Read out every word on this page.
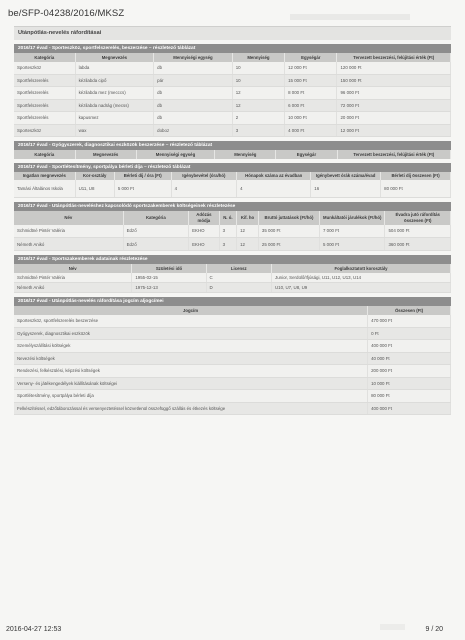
be/SFP-04238/2016/MKSZ
Utánpótlás-nevelés ráfordításai
2016/17 évad - Sporteszköz, sportfelszerelés, beszerzése – részletező táblázat
Kategória	Megnevezés	Mennyiségi egység	Mennyiség	Egységár	Tervezett beszerzési, felújítási érték (Ft)
Sporteszköz	labda	db	10	12 000 Ft	120 000 Ft
Sportfelszerelés	kézilabda cipő	pár	10	15 000 Ft	150 000 Ft
Sportfelszerelés	kézilabda mez (mecccs)	db	12	8 000 Ft	96 000 Ft
Sportfelszerelés	kézilabda nadrág (mecss)	db	12	6 000 Ft	72 000 Ft
Sportfelszerelés	kapusmez	db	2	10 000 Ft	20 000 Ft
Sporteszköz	wax	doboz	3	4 000 Ft	12 000 Ft
2016/17 évad - Gyógyszerek, diagnosztikai eszközök beszerzése – részletező táblázat
Kategória	Megnevezés	Mennyiségi egység	Mennyiség	Egységár	Tervezett beszerzési, felújítási érték (Ft)
2016/17 évad - Sportlétesítmény, sportpálya bérleti díja – részletező táblázat
Ingatlan megnevezés	Kor-osztály	Bérleti díj / óra (Ft)	Igénybevétel (óra/hó)	Hónapok száma az évadban	Igénybevett órák száma/évad	Bérleti díj összesen (Ft)
Tamási Általános Iskola	U11, U8	5 000 Ft	4	4	16	80 000 Ft
2016/17 évad - Utánpótlás-neveléshez kapcsolódó sportszakemberek költségeinek részletezése
Név	Kategória	Adózás módja	N. ó.	Kif. ho	Bruttó juttatások (Ft/hó)	Munkáltatói járulékok (Ft/hó)	Évadra jutó ráfordítás összesen (Ft)
Schmidtné Pintér Valéria	Edző	EKHO	3	12	35 000 Ft	7 000 Ft	504 000 Ft
Németh Anikó	Edző	EKHO	3	12	25 000 Ft	5 000 Ft	360 000 Ft
2016/17 évad - Sportszakemberek adatainak részletezése
Név	Születési idő	Licensz	Foglalkoztatott korosztály
Schmidtné Pintér Valéria	1955-02-15	C	Junior, Serdülő/Ifjúsági, U11, U12, U13, U14
Németh Anikó	1975-12-13	D	U10, U7, U8, U9
2016/17 évad - Utánpótlás-nevelés ráfordítása jogcím aljogcímei
Jogcím	Összesen (Ft)
Sporteszköz, sportfelszerelés beszerzése	470 000 Ft
Gyógyszerek, diagnosztikai eszközök	0 Ft
Személyszállítási költségek	400 000 Ft
Nevezési költségek	40 000 Ft
Rendezési, felkészülési, képzési költségek	200 000 Ft
Verseny- és játékengedélyek kiállításának költségei	10 000 Ft
Sportlétesítmény, sportpálya bérleti díja	80 000 Ft
Felkészítéssel, edzőtáborozással és versenyeztetéssel közvetlenül összefüggő szállás és étkezés költsége	400 000 Ft
2016-04-27 12:53	9 / 20
